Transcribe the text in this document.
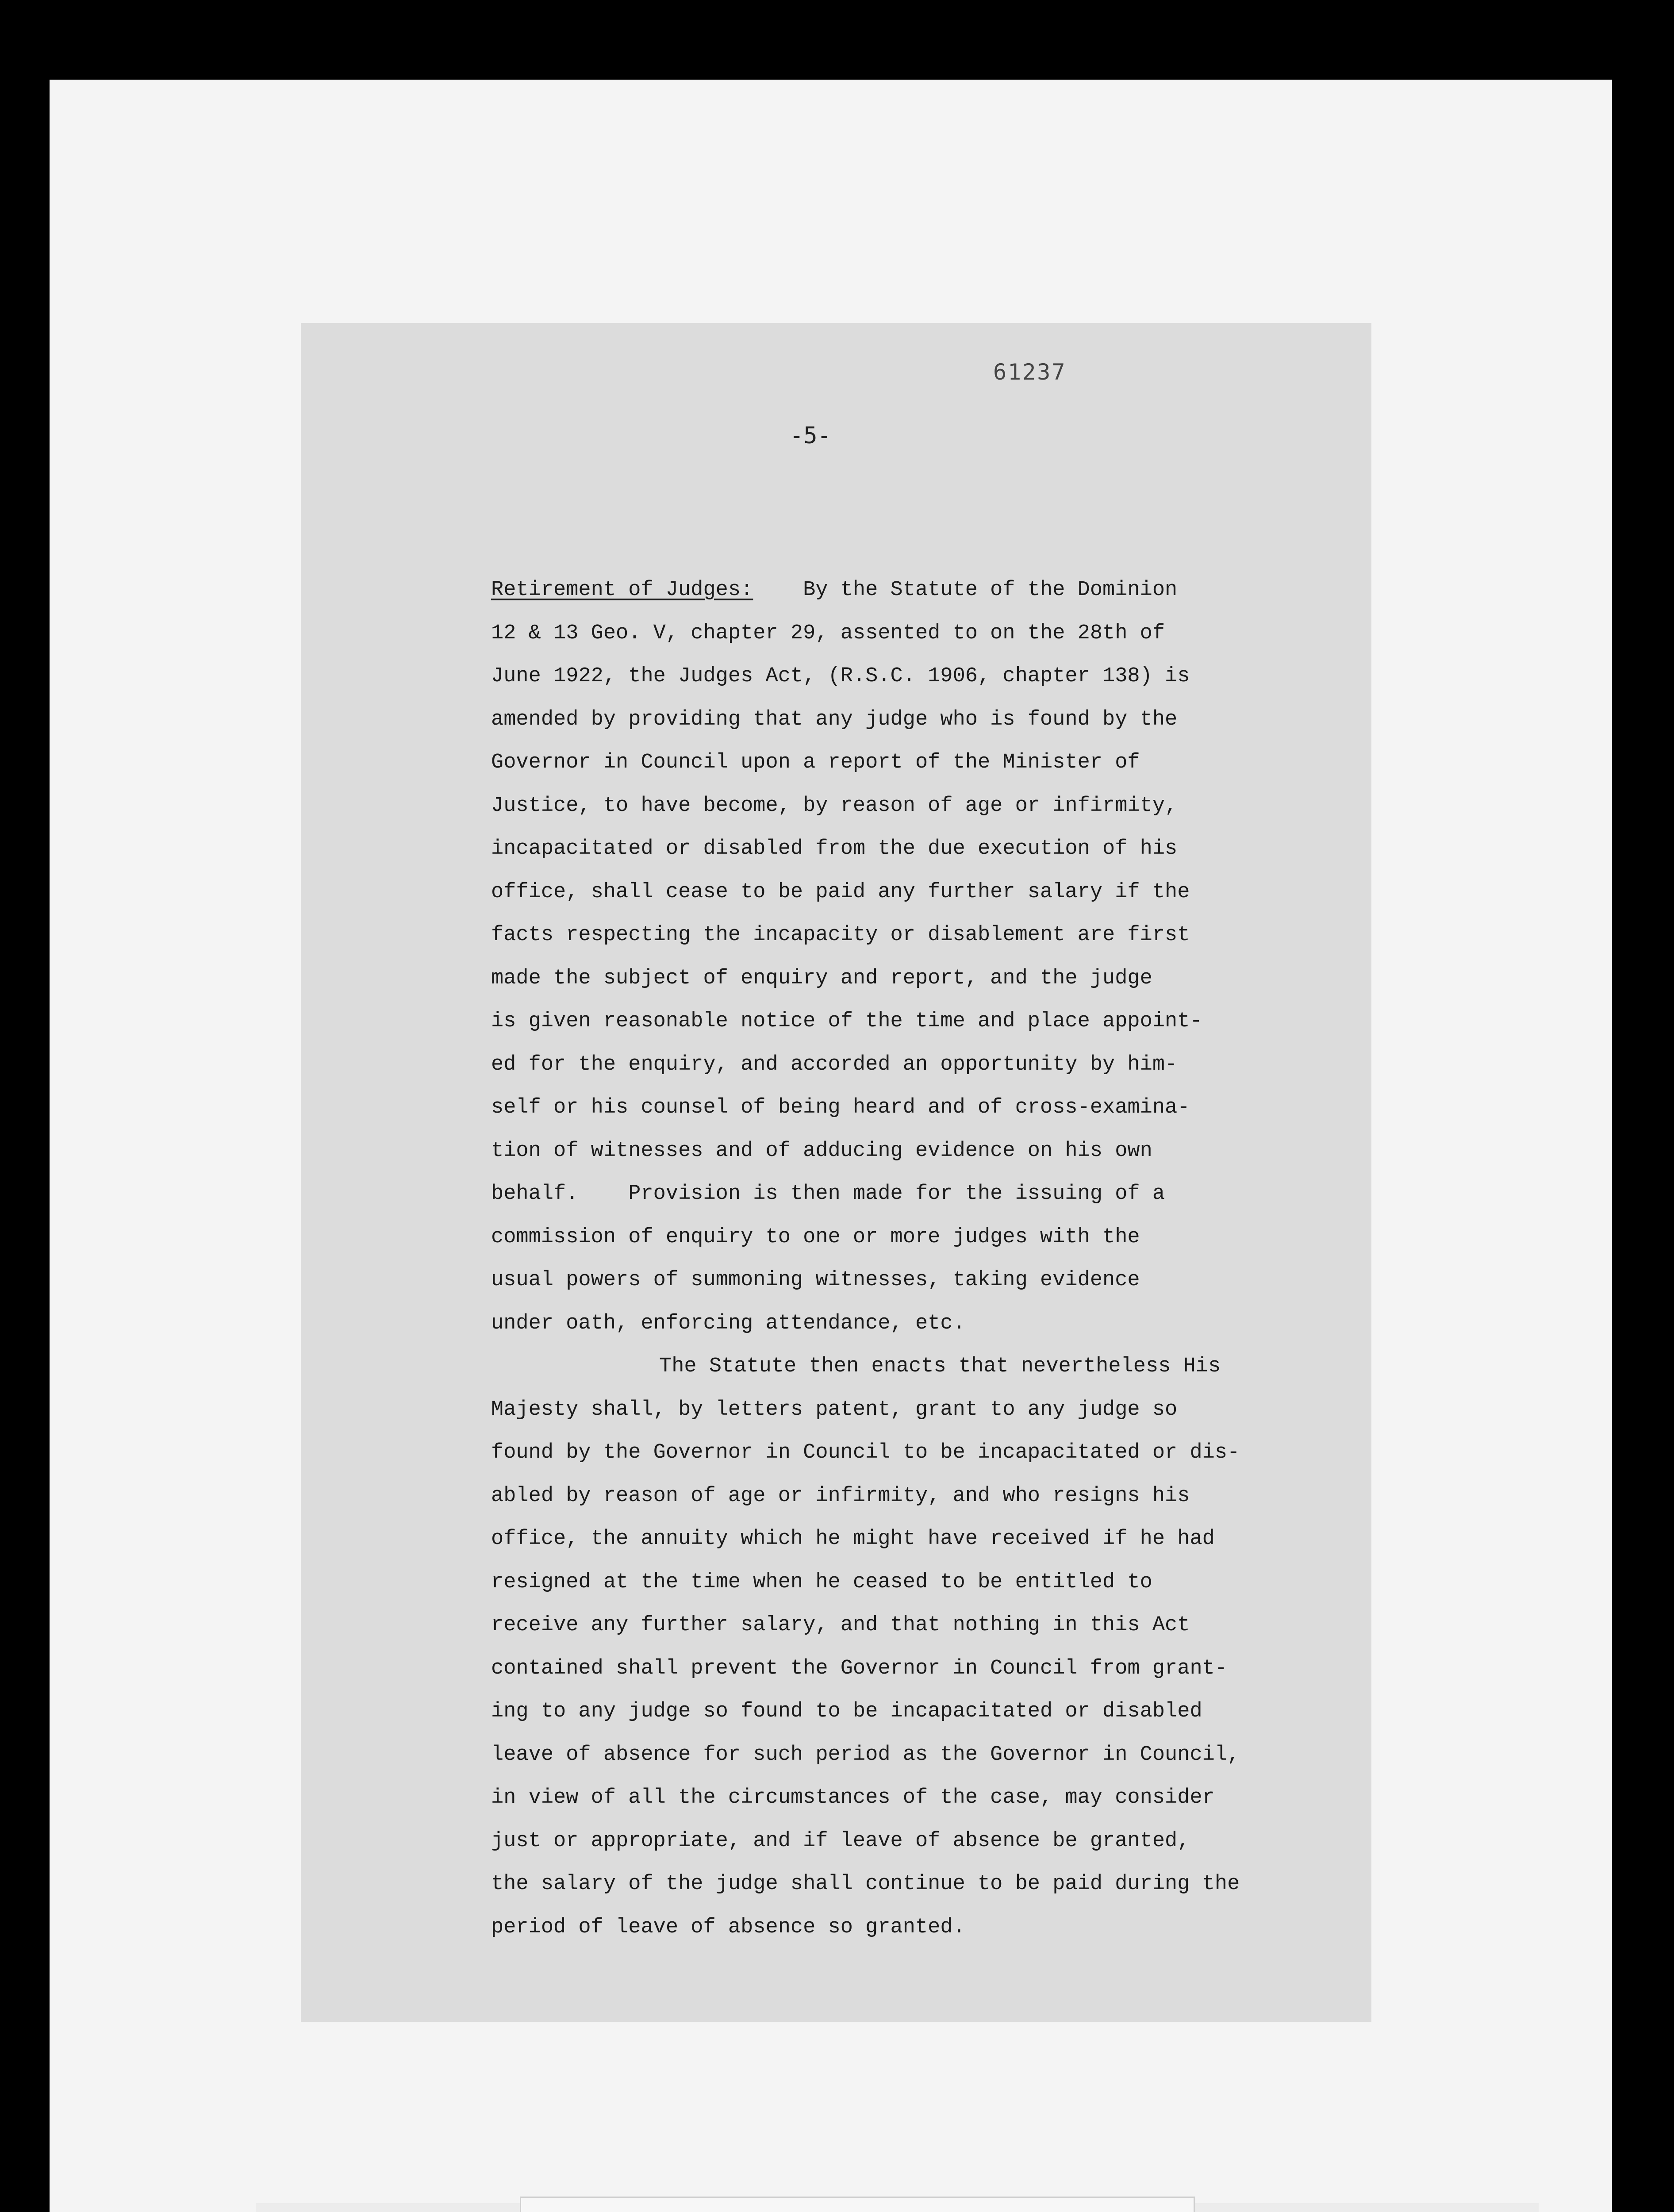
61237
-5-
Retirement of Judges:    By the Statute of the Dominion
12 & 13 Geo. V, chapter 29, assented to on the 28th of
June 1922, the Judges Act, (R.S.C. 1906, chapter 138) is
amended by providing that any judge who is found by the
Governor in Council upon a report of the Minister of
Justice, to have become, by reason of age or infirmity,
incapacitated or disabled from the due execution of his
office, shall cease to be paid any further salary if the
facts respecting the incapacity or disablement are first
made the subject of enquiry and report, and the judge
is given reasonable notice of the time and place appoint-
ed for the enquiry, and accorded an opportunity by him-
self or his counsel of being heard and of cross-examina-
tion of witnesses and of adducing evidence on his own
behalf.    Provision is then made for the issuing of a
commission of enquiry to one or more judges with the
usual powers of summoning witnesses, taking evidence
under oath, enforcing attendance, etc.
The Statute then enacts that nevertheless His
Majesty shall, by letters patent, grant to any judge so
found by the Governor in Council to be incapacitated or dis-
abled by reason of age or infirmity, and who resigns his
office, the annuity which he might have received if he had
resigned at the time when he ceased to be entitled to
receive any further salary, and that nothing in this Act
contained shall prevent the Governor in Council from grant-
ing to any judge so found to be incapacitated or disabled
leave of absence for such period as the Governor in Council,
in view of all the circumstances of the case, may consider
just or appropriate, and if leave of absence be granted,
the salary of the judge shall continue to be paid during the
period of leave of absence so granted.
